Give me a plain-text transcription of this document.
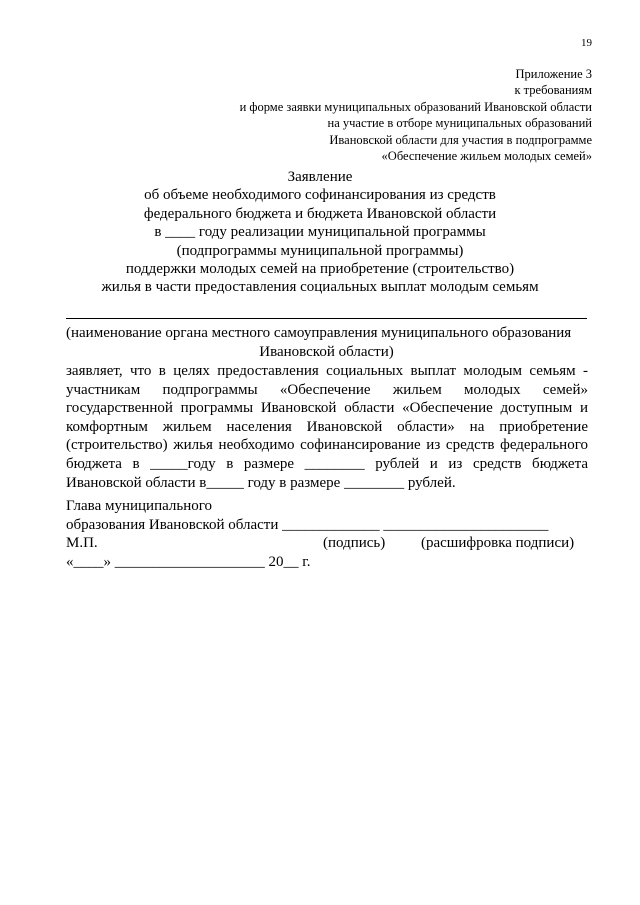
19
Приложение 3
к требованиям
и форме заявки муниципальных образований Ивановской области
на участие в отборе муниципальных образований
Ивановской области для участия в подпрограмме
«Обеспечение жильем молодых семей»
Заявление
об объеме необходимого софинансирования из средств
федерального бюджета и бюджета Ивановской области
в ____ году реализации муниципальной программы
(подпрограммы муниципальной программы)
поддержки молодых семей на приобретение (строительство)
жилья в части предоставления социальных выплат молодым семьям
(наименование органа местного самоуправления муниципального образования
Ивановской области)
заявляет, что в целях предоставления социальных выплат молодым семьям -
участникам подпрограммы «Обеспечение жильем молодых семей»
государственной программы Ивановской области «Обеспечение доступным и
комфортным жильем населения Ивановской области» на приобретение
(строительство) жилья необходимо софинансирование из средств федерального
бюджета в _____году в размере ________ рублей и из средств бюджета
Ивановской области в_____ году в размере ________ рублей.
Глава муниципального
образования Ивановской области _____________ ______________________
М.П.	(подпись) (расшифровка подписи)
«____» ____________________ 20__ г.
